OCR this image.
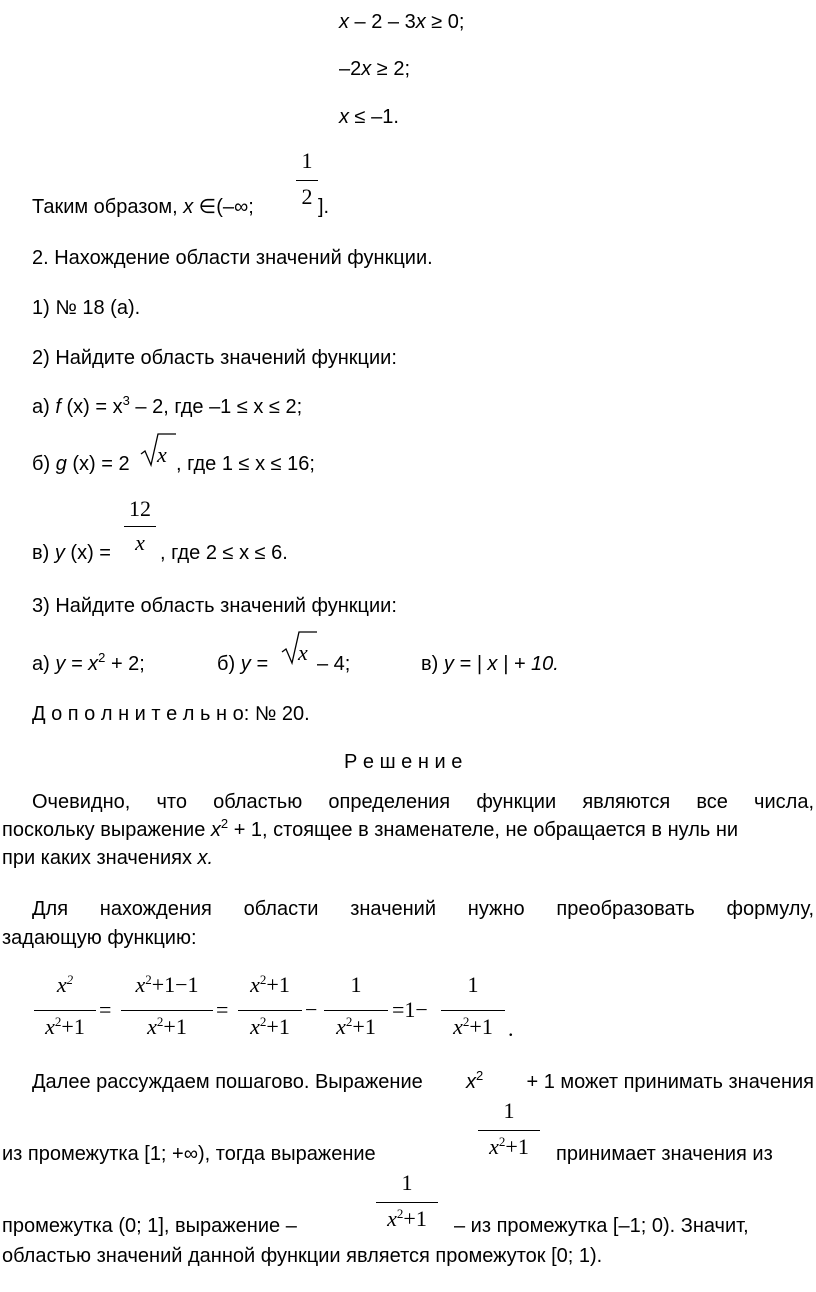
x – 2 – 3x ≥ 0;
–2x ≥ 2;
x ≤ –1.
Таким образом, x ∈(–∞;
1
2 ].
2. Нахождение области значений функции.
1) № 18 (а).
2) Найдите область значений функции:
а) f $(x) = x^3 - 2$, где –1 ≤ x ≤ 2;
б) g (x) = 2 x , где 1 ≤ x ≤ 16;
в) y (x) =
12
x , где 2 ≤ x ≤ 6.
3) Найдите область значений функции:
а) $y = x^2 + 2$;	б) y = x – 4;	в) y = | x | + 10.
Д о п о л н и т е л ь н о: № 20.
Р е ш е н и е
Очевидно, что областью определения функции являются все числа,
поскольку выражение $x^2 + 1$, стоящее в знаменателе, не обращается в нуль ни
при каких значениях x.
Для нахождения области значений нужно преобразовать формулу,
задающую функцию:
$x^2$
$x^2+1$
=
$x^2+1-1$
$x^2+1$
=
$x^2+1$
$x^2+1$
−
1
$x^2+1$
=1−
1
$x^2+1$ .
Далее рассуждаем пошагово. Выражение $x^2 + 1$ может принимать значения
из промежутка [1; +∞), тогда выражение
1
$x^2+1$	принимает значения из
промежутка (0; 1], выражение –
1
$x^2+1$	– из промежутка [–1; 0). Значит,
областью значений данной функции является промежуток [0; 1).
